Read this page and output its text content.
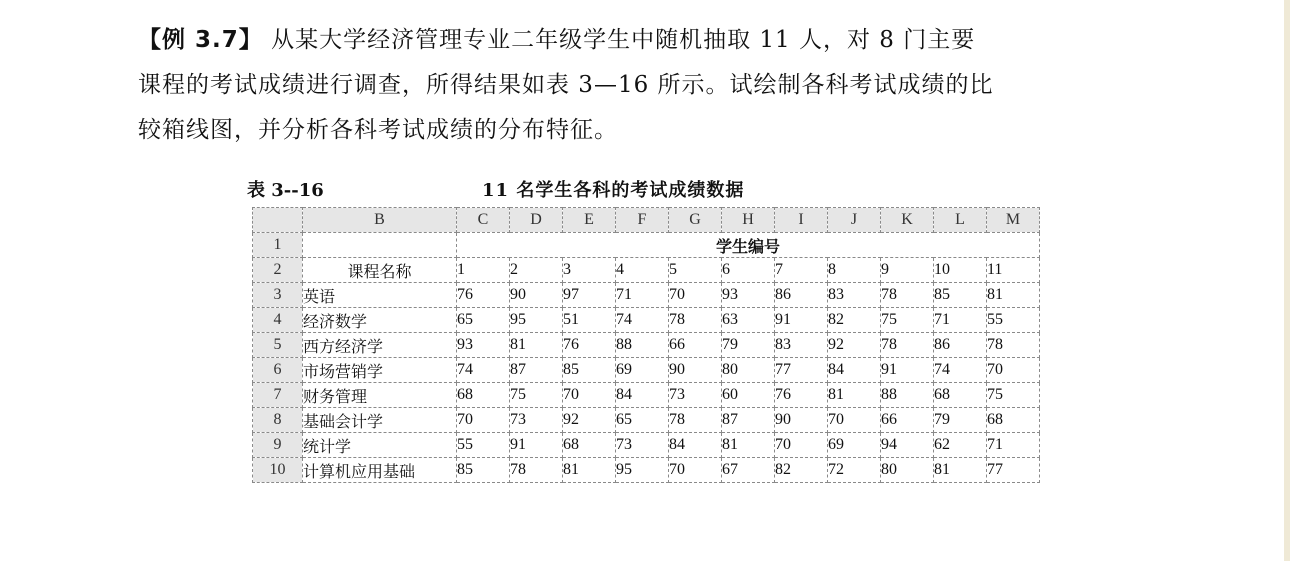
【例 3.7】 从某大学经济管理专业二年级学生中随机抽取 11 人，对 8 门主要

课程的考试成绩进行调查，所得结果如表 3—16 所示。试绘制各科考试成绩的比

较箱线图，并分析各科考试成绩的分布特征。

表 3--16	11 名学生各科的考试成绩数据
	B	C	D	E	F	G	H	I	J	K	L	M
1		学生编号										
2	课程名称	1	2	3	4	5	6	7	8	9	10	11
3	英语	76	90	97	71	70	93	86	83	78	85	81
4	经济数学	65	95	51	74	78	63	91	82	75	71	55
5	西方经济学	93	81	76	88	66	79	83	92	78	86	78
6	市场营销学	74	87	85	69	90	80	77	84	91	74	70
7	财务管理	68	75	70	84	73	60	76	81	88	68	75
8	基础会计学	70	73	92	65	78	87	90	70	66	79	68
9	统计学	55	91	68	73	84	81	70	69	94	62	71
10	计算机应用基础	85	78	81	95	70	67	82	72	80	81	77
